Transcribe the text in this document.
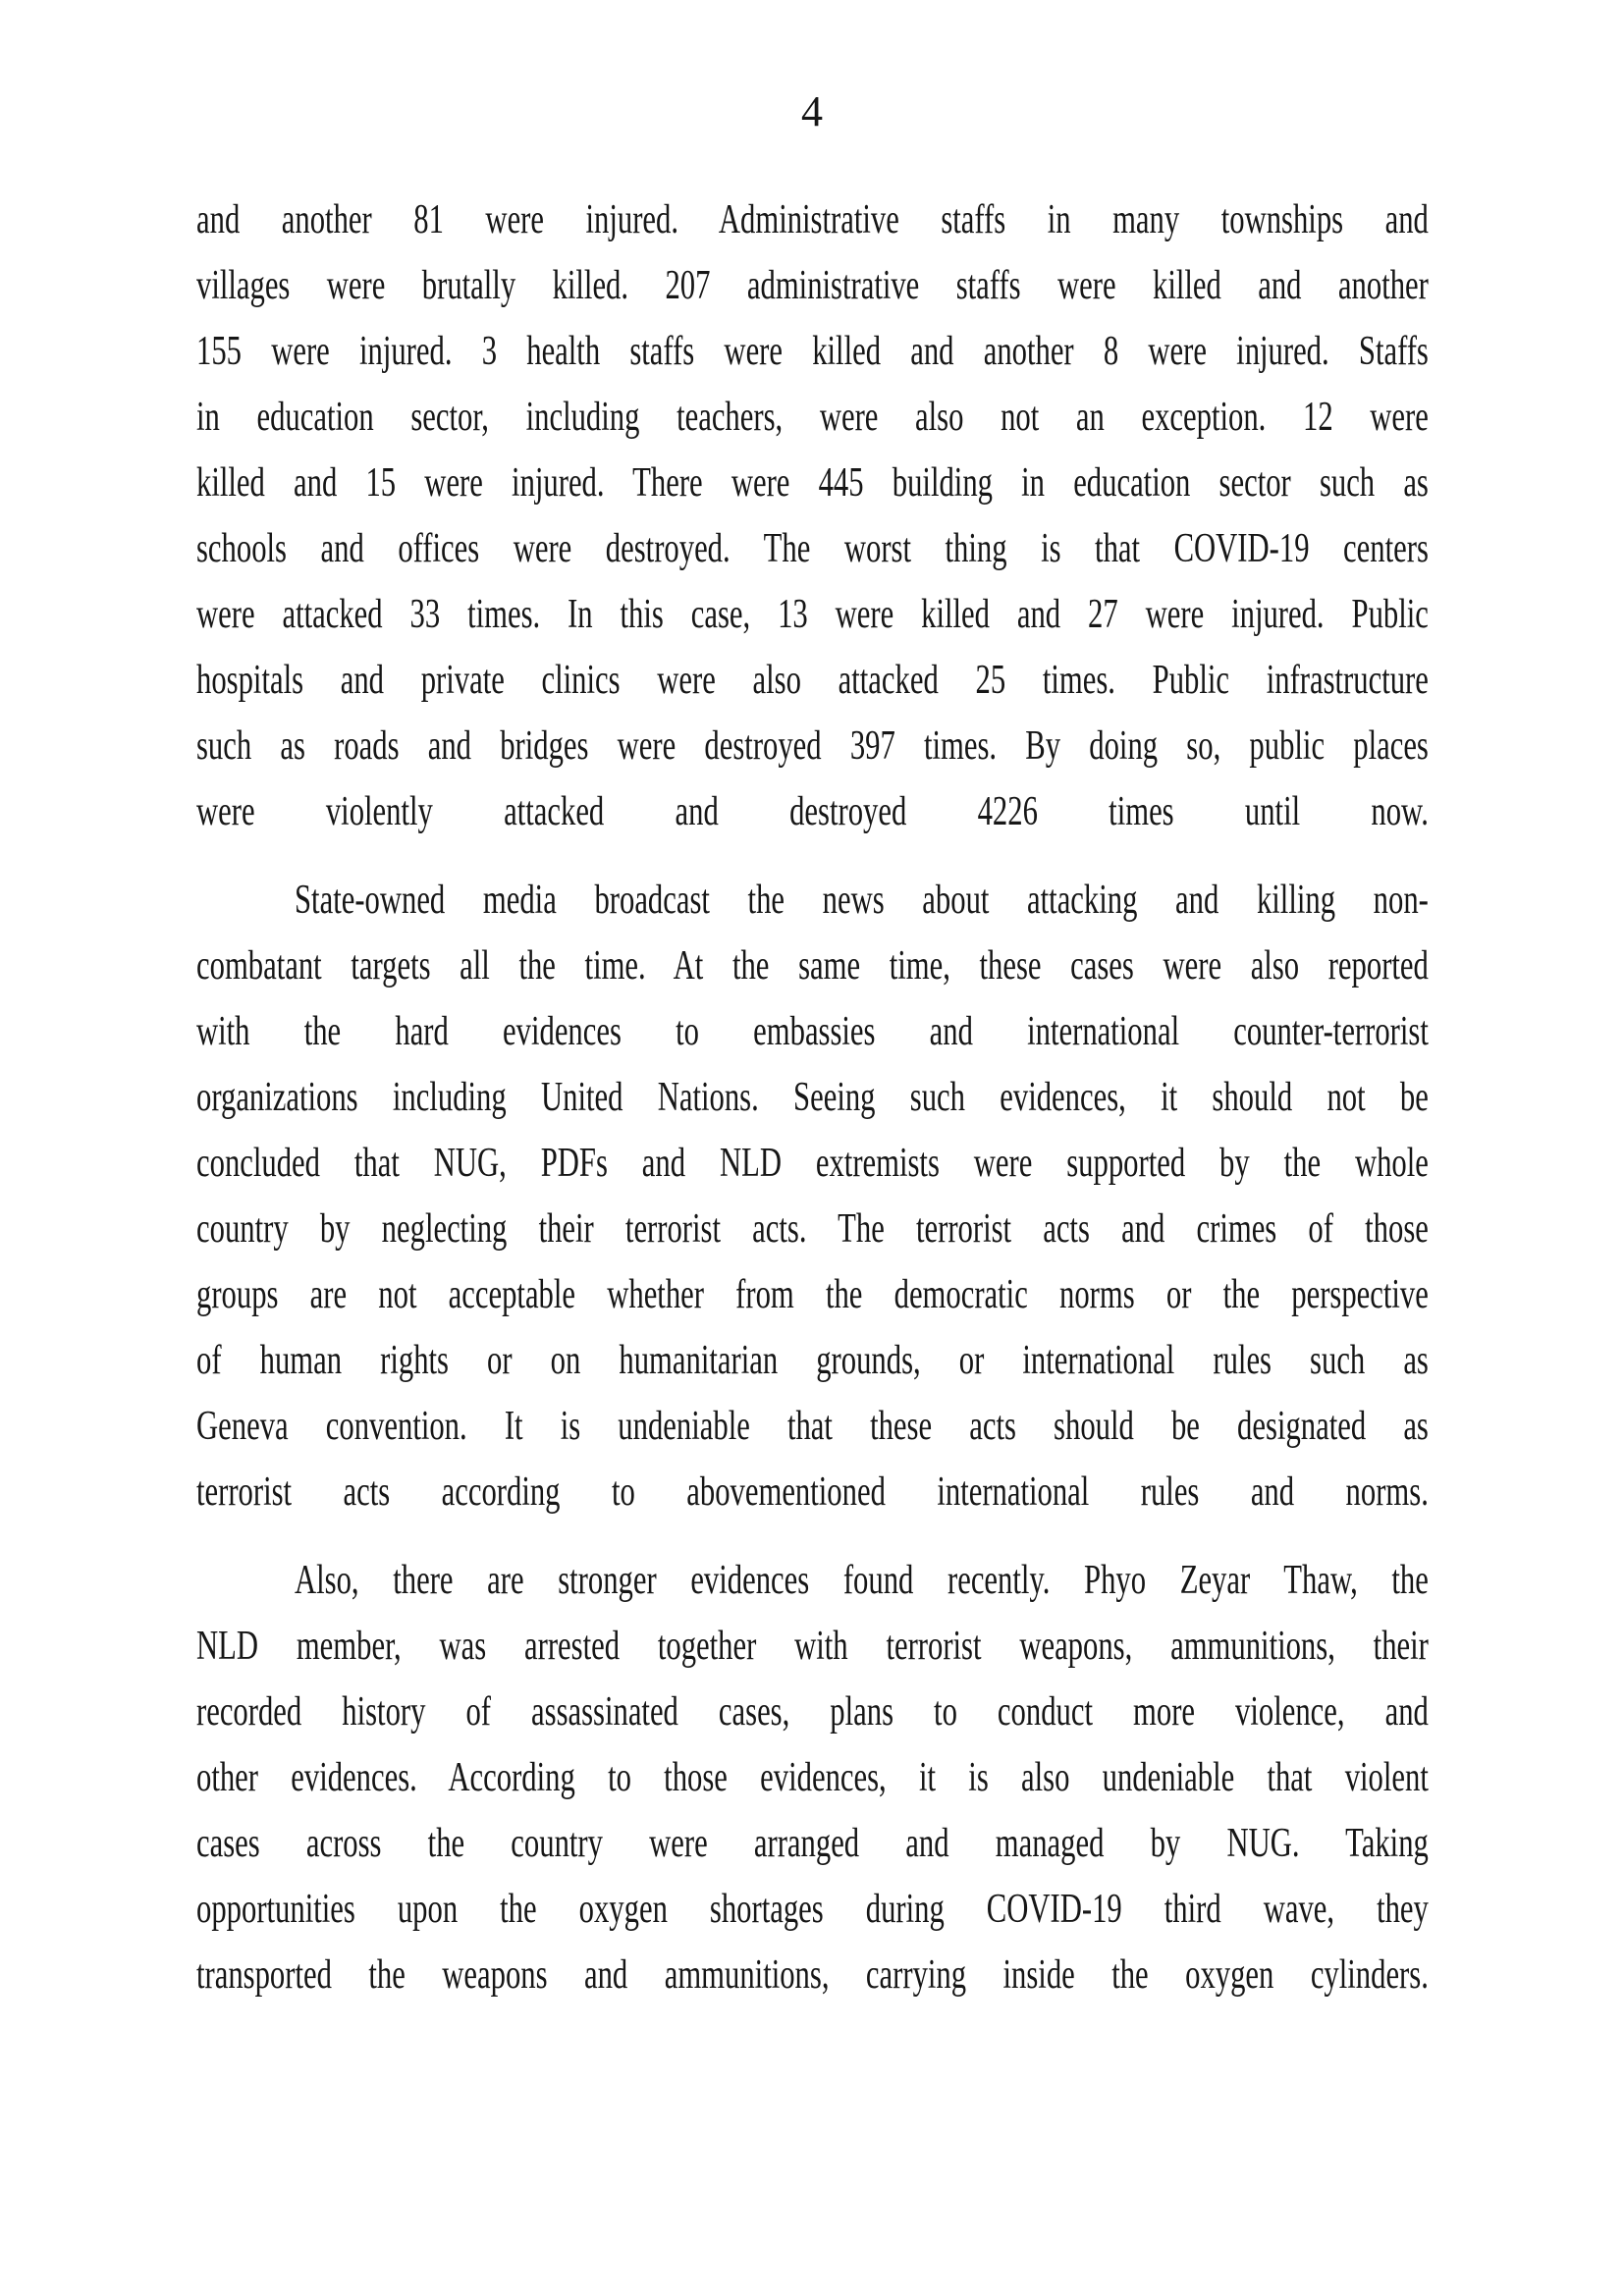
4
and another 81 were injured. Administrative staffs in many townships and
villages were brutally killed. 207 administrative staffs were killed and another
155 were injured. 3 health staffs were killed and another 8 were injured. Staffs
in education sector, including teachers, were also not an exception. 12 were
killed and 15 were injured. There were 445 building in education sector such as
schools and offices were destroyed. The worst thing is that COVID-19 centers
were attacked 33 times. In this case, 13 were killed and 27 were injured. Public
hospitals and private clinics were also attacked 25 times. Public infrastructure
such as roads and bridges were destroyed 397 times. By doing so, public places
were violently attacked and destroyed 4226 times until now.
State-owned media broadcast the news about attacking and killing non-
combatant targets all the time. At the same time, these cases were also reported
with the hard evidences to embassies and international counter-terrorist
organizations including United Nations. Seeing such evidences, it should not be
concluded that NUG, PDFs and NLD extremists were supported by the whole
country by neglecting their terrorist acts. The terrorist acts and crimes of those
groups are not acceptable whether from the democratic norms or the perspective
of human rights or on humanitarian grounds, or international rules such as
Geneva convention. It is undeniable that these acts should be designated as
terrorist acts according to abovementioned international rules and norms.
Also, there are stronger evidences found recently. Phyo Zeyar Thaw, the
NLD member, was arrested together with terrorist weapons, ammunitions, their
recorded history of assassinated cases, plans to conduct more violence, and
other evidences. According to those evidences, it is also undeniable that violent
cases across the country were arranged and managed by NUG. Taking
opportunities upon the oxygen shortages during COVID-19 third wave, they
transported the weapons and ammunitions, carrying inside the oxygen cylinders.
